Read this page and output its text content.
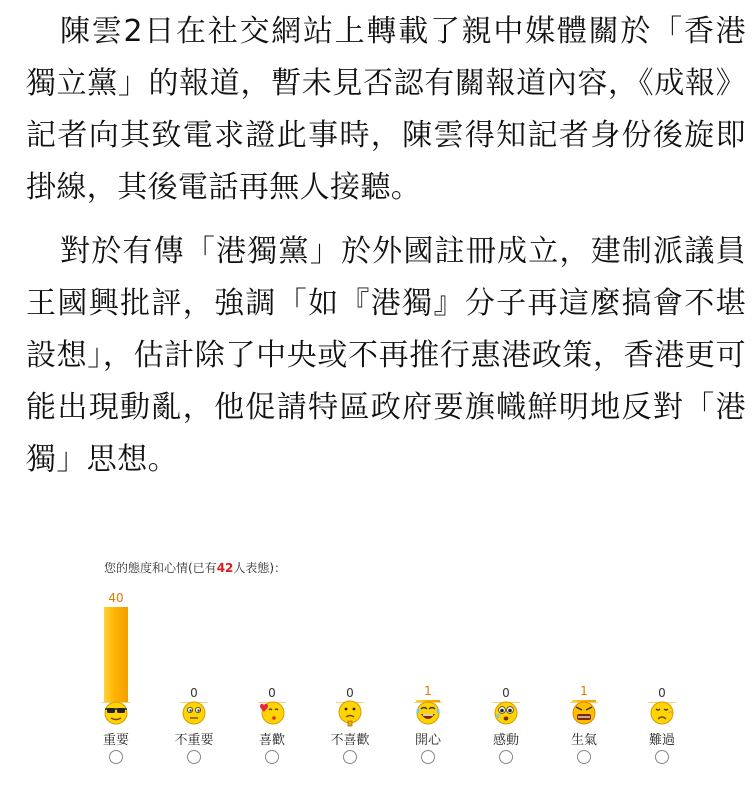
陳雲2日在社交網站上轉載了親中媒體關於「香港獨立黨」的報道，暫未見否認有關報道內容，《成報》記者向其致電求證此事時，陳雲得知記者身份後旋即掛線，其後電話再無人接聽。

對於有傳「港獨黨」於外國註冊成立，建制派議員王國興批評，強調「如『港獨』分子再這麼搞會不堪設想」，估計除了中央或不再推行惠港政策，香港更可能出現動亂，他促請特區政府要旗幟鮮明地反對「港獨」思想。

您的態度和心情(已有42人表態)：
40
重要
0
不重要
0
喜歡
0
不喜歡
1
開心
0
感動
1
生氣
0
難過
